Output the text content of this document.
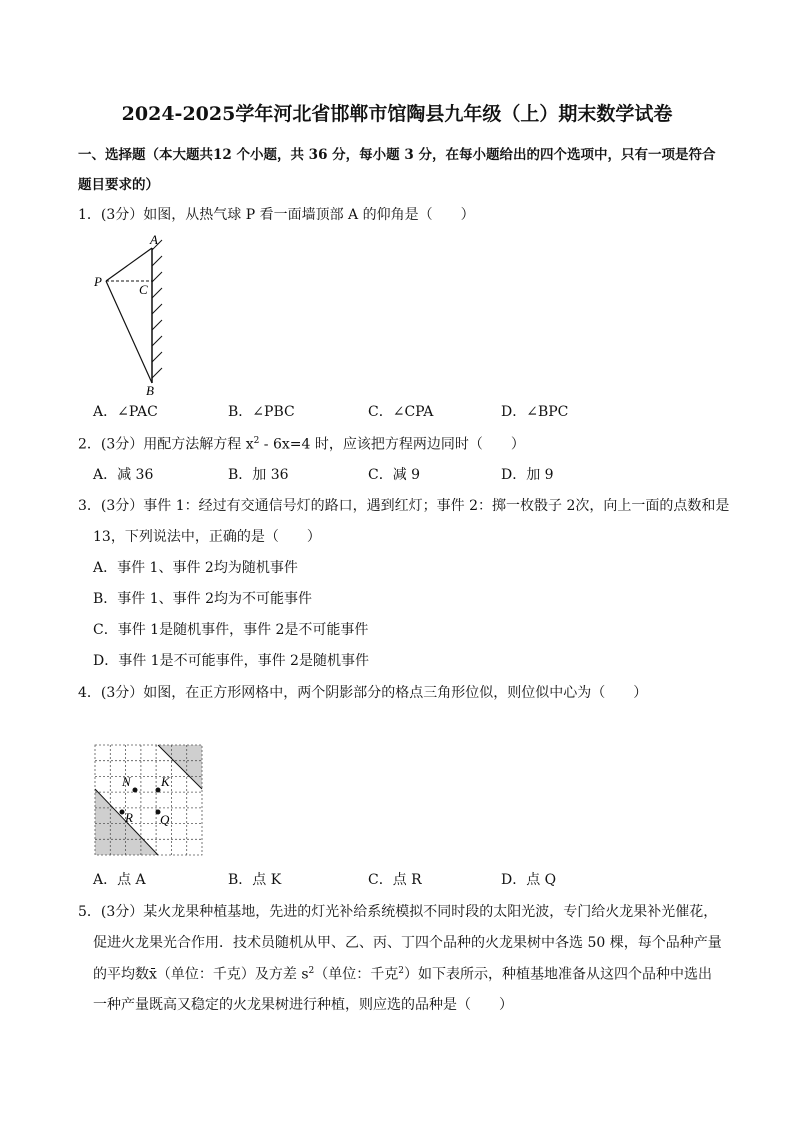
2024-2025学年河北省邯郸市馆陶县九年级（上）期末数学试卷
一、选择题（本大题共12 个小题，共 36 分，每小题 3 分，在每小题给出的四个选项中，只有一项是符合
题目要求的）
1．(3分）如图，从热气球 P 看一面墙顶部 A 的仰角是（　　）
A
P
C
B
A．∠PAC	B．∠PBC	C．∠CPA	D．∠BPC
2．(3分）用配方法解方程 $x^2 - 6x=4$ 时，应该把方程两边同时（　　）
A．减 36	B．加 36	C．减 9	D．加 9
3．(3分）事件 1：经过有交通信号灯的路口，遇到红灯；事件 2：掷一枚骰子 2次，向上一面的点数和是
13，下列说法中，正确的是（　　）
A．事件 1、事件 2均为随机事件
B．事件 1、事件 2均为不可能事件
C．事件 1是随机事件，事件 2是不可能事件
D．事件 1是不可能事件，事件 2是随机事件
4．(3分）如图，在正方形网格中，两个阴影部分的格点三角形位似，则位似中心为（　　）
N K
R Q
A．点 A	B．点 K	C．点 R	D．点 Q
5．(3分）某火龙果种植基地，先进的灯光补给系统模拟不同时段的太阳光波，专门给火龙果补光催花，
促进火龙果光合作用．技术员随机从甲、乙、丙、丁四个品种的火龙果树中各选 50 棵，每个品种产量
的平均数x̄（单位：千克）及方差 $s^2$（单位：千克$^2$）如下表所示，种植基地准备从这四个品种中选出
一种产量既高又稳定的火龙果树进行种植，则应选的品种是（　　）
